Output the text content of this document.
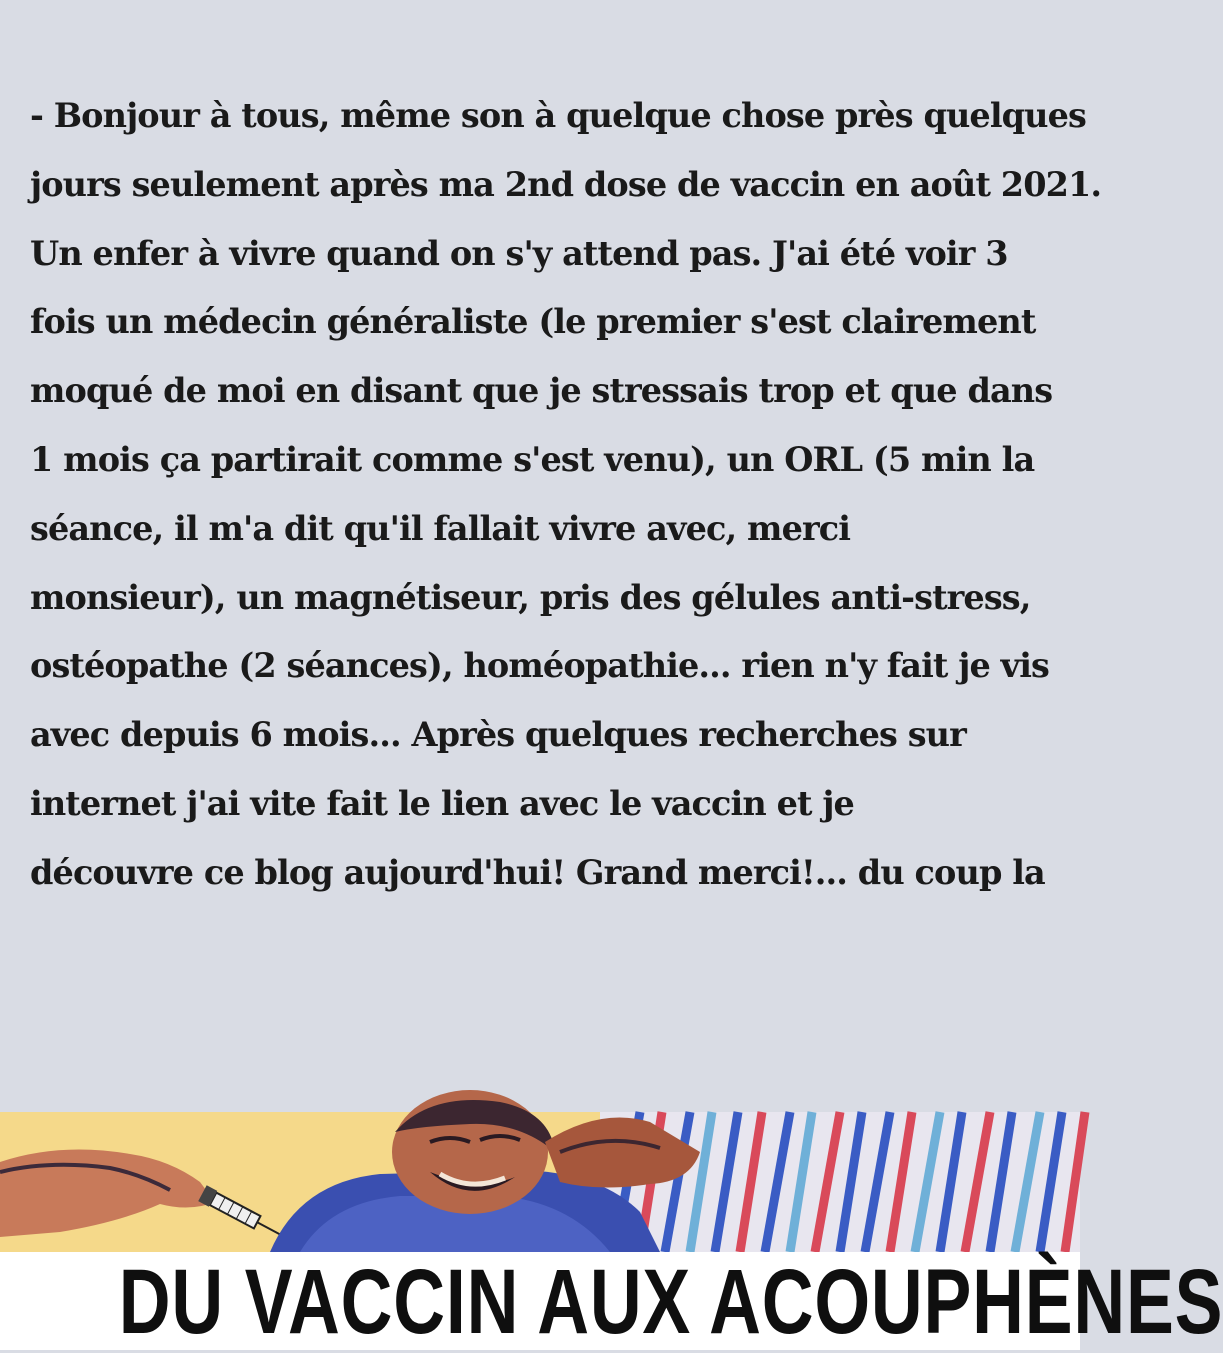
- Bonjour à tous, même son à quelque chose près quelques
jours seulement après ma 2nd dose de vaccin en août 2021.
Un enfer à vivre quand on s'y attend pas. J'ai été voir 3
fois un médecin généraliste (le premier s'est clairement
moqué de moi en disant que je stressais trop et que dans
1 mois ça partirait comme s'est venu), un ORL (5 min la
séance, il m'a dit qu'il fallait vivre avec, merci
monsieur), un magnétiseur, pris des gélules anti-stress,
ostéopathe (2 séances), homéopathie... rien n'y fait je vis
avec depuis 6 mois... Après quelques recherches sur
internet j'ai vite fait le lien avec le vaccin et je
découvre ce blog aujourd'hui! Grand merci!... du coup la
DU VACCIN AUX ACOUPHÈNES
